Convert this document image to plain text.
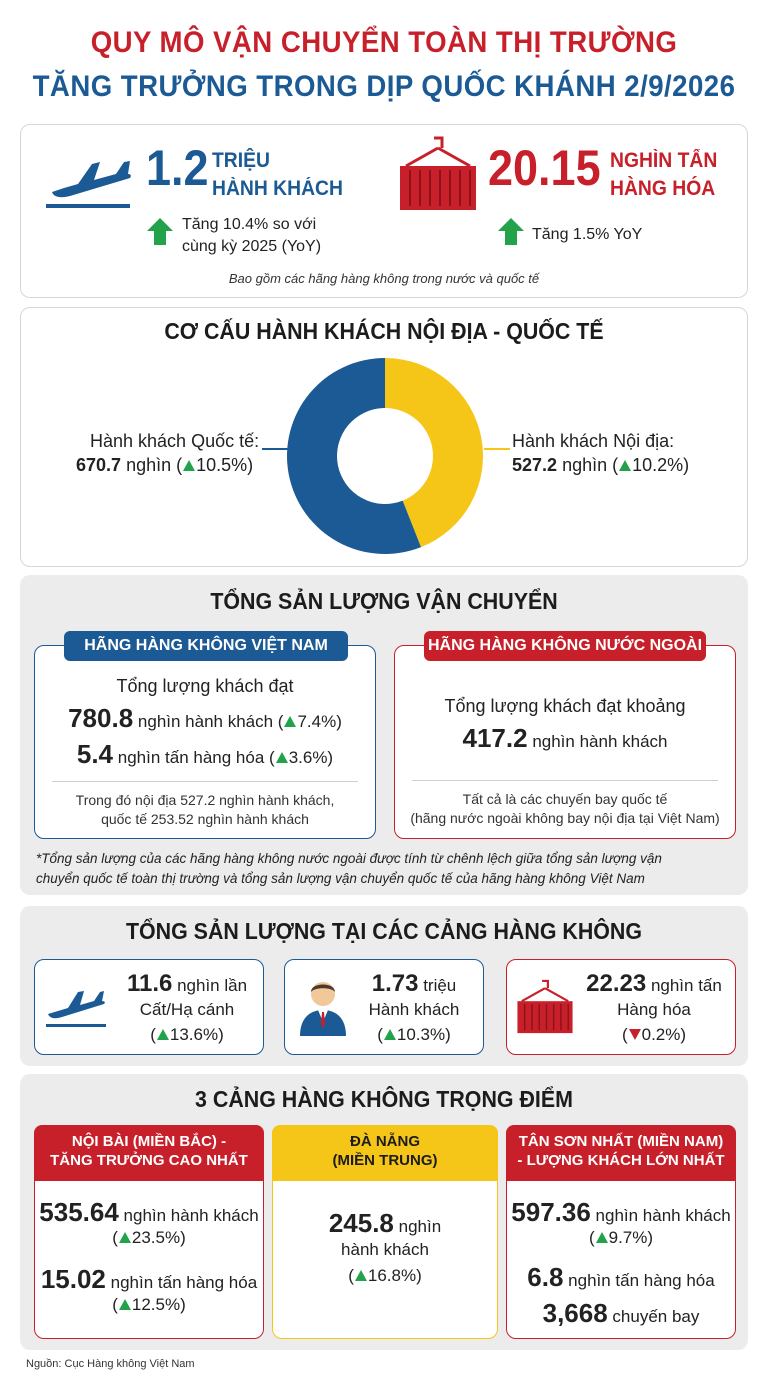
QUY MÔ VẬN CHUYỂN TOÀN THỊ TRƯỜNG
TĂNG TRƯỞNG TRONG DỊP QUỐC KHÁNH 2/9/2026
1.2 TRIỆU
HÀNH KHÁCH
Tăng 10.4% so với
cùng kỳ 2025 (YoY)
20.15 NGHÌN TẤN
HÀNG HÓA
Tăng 1.5% YoY
Bao gồm các hãng hàng không trong nước và quốc tế
CƠ CẤU HÀNH KHÁCH NỘI ĐỊA - QUỐC TẾ
Hành khách Quốc tế:
670.7 nghìn ( 10.5%)
Hành khách Nội địa:
527.2 nghìn ( 10.2%)
TỔNG SẢN LƯỢNG VẬN CHUYỂN
HÃNG HÀNG KHÔNG VIỆT NAM
Tổng lượng khách đạt
780.8 nghìn hành khách ( 7.4%)
5.4 nghìn tấn hàng hóa ( 3.6%)
Trong đó nội địa 527.2 nghìn hành khách,
quốc tế 253.52 nghìn hành khách
HÃNG HÀNG KHÔNG NƯỚC NGOÀI
Tổng lượng khách đạt khoảng
417.2 nghìn hành khách
Tất cả là các chuyến bay quốc tế
(hãng nước ngoài không bay nội địa tại Việt Nam)
*Tổng sản lượng của các hãng hàng không nước ngoài được tính từ chênh lệch giữa tổng sản lượng vận
chuyển quốc tế toàn thị trường và tổng sản lượng vận chuyển quốc tế của hãng hàng không Việt Nam
TỔNG SẢN LƯỢNG TẠI CÁC CẢNG HÀNG KHÔNG
11.6 nghìn lần
Cất/Hạ cánh
( 13.6%)
1.73 triệu
Hành khách
( 10.3%)
22.23 nghìn tấn
Hàng hóa
( 0.2%)
3 CẢNG HÀNG KHÔNG TRỌNG ĐIỂM
NỘI BÀI (MIỀN BẮC) -
TĂNG TRƯỞNG CAO NHẤT
535.64 nghìn hành khách
( 23.5%)
15.02 nghìn tấn hàng hóa
( 12.5%)
ĐÀ NẴNG
(MIỀN TRUNG)
245.8 nghìn
hành khách
( 16.8%)
TÂN SƠN NHẤT (MIỀN NAM)
- LƯỢNG KHÁCH LỚN NHẤT
597.36 nghìn hành khách
( 9.7%)
6.8 nghìn tấn hàng hóa
3,668 chuyến bay
Nguồn: Cục Hàng không Việt Nam
